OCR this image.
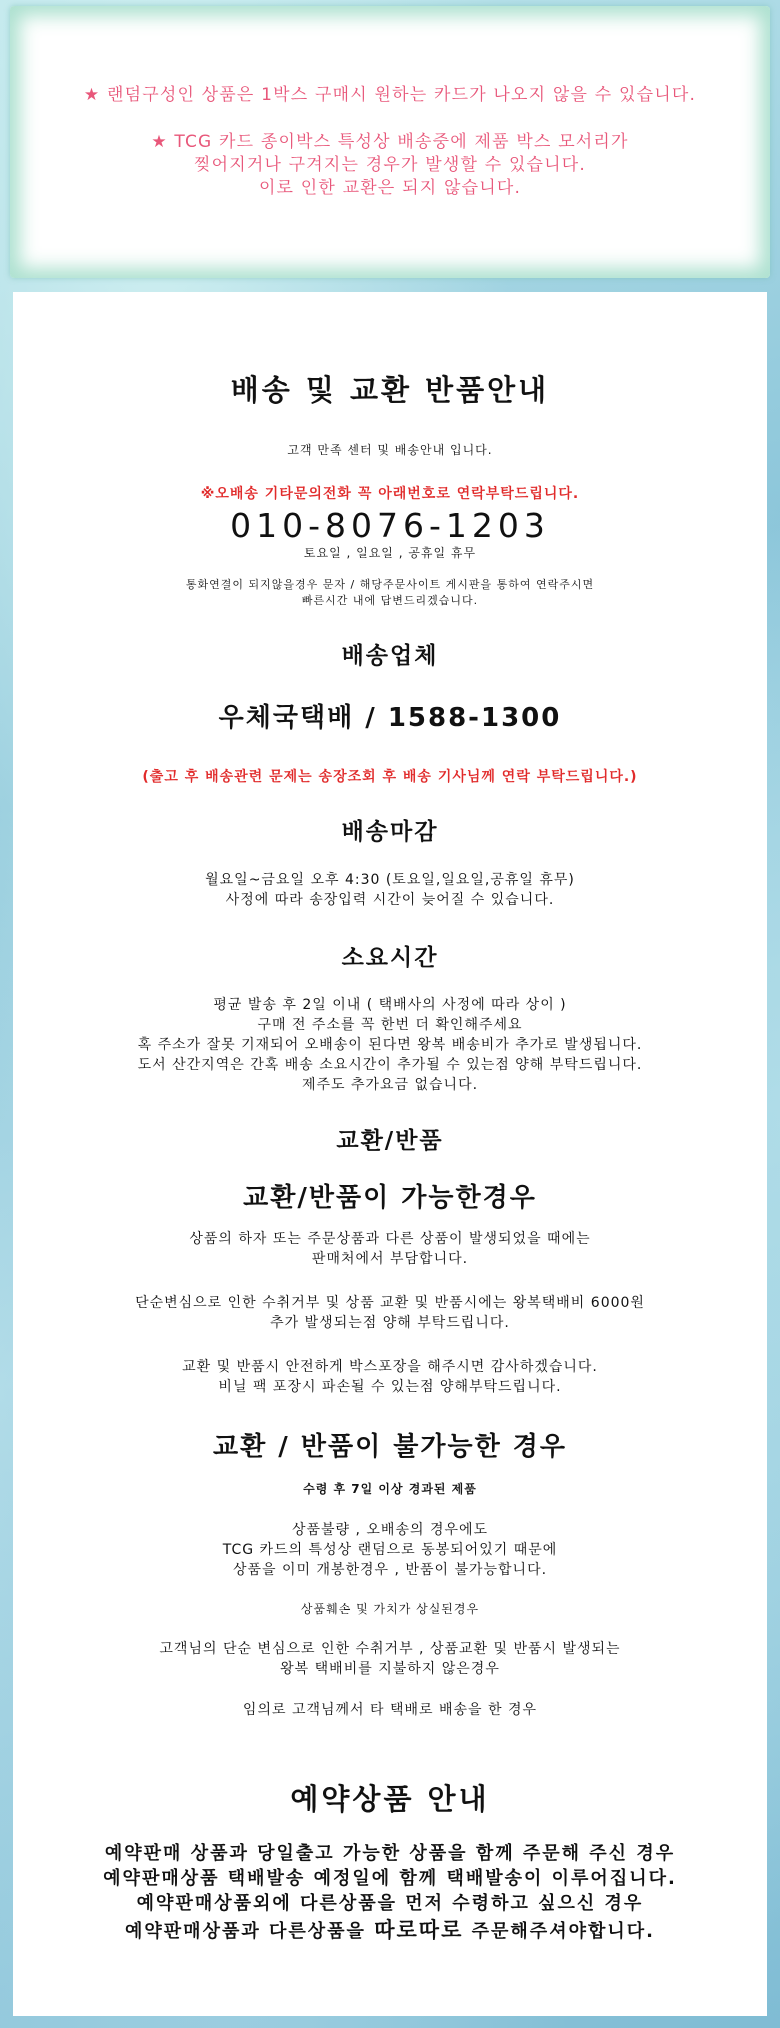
★ 랜덤구성인 상품은 1박스 구매시 원하는 카드가 나오지 않을 수 있습니다.

★ TCG 카드 종이박스 특성상 배송중에 제품 박스 모서리가

찢어지거나 구겨지는 경우가 발생할 수 있습니다.

이로 인한 교환은 되지 않습니다.

배송 및 교환 반품안내

고객 만족 센터 및 배송안내 입니다.

※오배송 기타문의전화 꼭 아래번호로 연락부탁드립니다.

010-8076-1203

토요일 , 일요일 , 공휴일 휴무

통화연결이 되지않을경우 문자 / 해당주문사이트 게시판을 통하여 연락주시면

빠른시간 내에 답변드리겠습니다.

배송업체

우체국택배 / 1588-1300

(출고 후 배송관련 문제는 송장조회 후 배송 기사님께 연락 부탁드립니다.)

배송마감

월요일~금요일 오후 4:30 (토요일,일요일,공휴일 휴무)

사정에 따라 송장입력 시간이 늦어질 수 있습니다.

소요시간

평균 발송 후 2일 이내 ( 택배사의 사정에 따라 상이 )

구매 전 주소를 꼭 한번 더 확인해주세요

혹 주소가 잘못 기재되어 오배송이 된다면 왕복 배송비가 추가로 발생됩니다.

도서 산간지역은 간혹 배송 소요시간이 추가될 수 있는점 양해 부탁드립니다.

제주도 추가요금 없습니다.

교환/반품

교환/반품이 가능한경우

상품의 하자 또는 주문상품과 다른 상품이 발생되었을 때에는

판매처에서 부담합니다.

단순변심으로 인한 수취거부 및 상품 교환 및 반품시에는 왕복택배비 6000원

추가 발생되는점 양해 부탁드립니다.

교환 및 반품시 안전하게 박스포장을 해주시면 감사하겠습니다.

비닐 팩 포장시 파손될 수 있는점 양해부탁드립니다.

교환 / 반품이 불가능한 경우

수령 후 7일 이상 경과된 제품

상품불량 , 오배송의 경우에도

TCG 카드의 특성상 랜덤으로 동봉되어있기 때문에

상품을 이미 개봉한경우 , 반품이 불가능합니다.

상품훼손 및 가치가 상실된경우

고객님의 단순 변심으로 인한 수취거부 , 상품교환 및 반품시 발생되는

왕복 택배비를 지불하지 않은경우

임의로 고객님께서 타 택배로 배송을 한 경우

예약상품 안내

예약판매 상품과 당일출고 가능한 상품을 함께 주문해 주신 경우

예약판매상품 택배발송 예정일에 함께 택배발송이 이루어집니다.

예약판매상품외에 다른상품을 먼저 수령하고 싶으신 경우

예약판매상품과 다른상품을 따로따로 주문해주셔야합니다.
